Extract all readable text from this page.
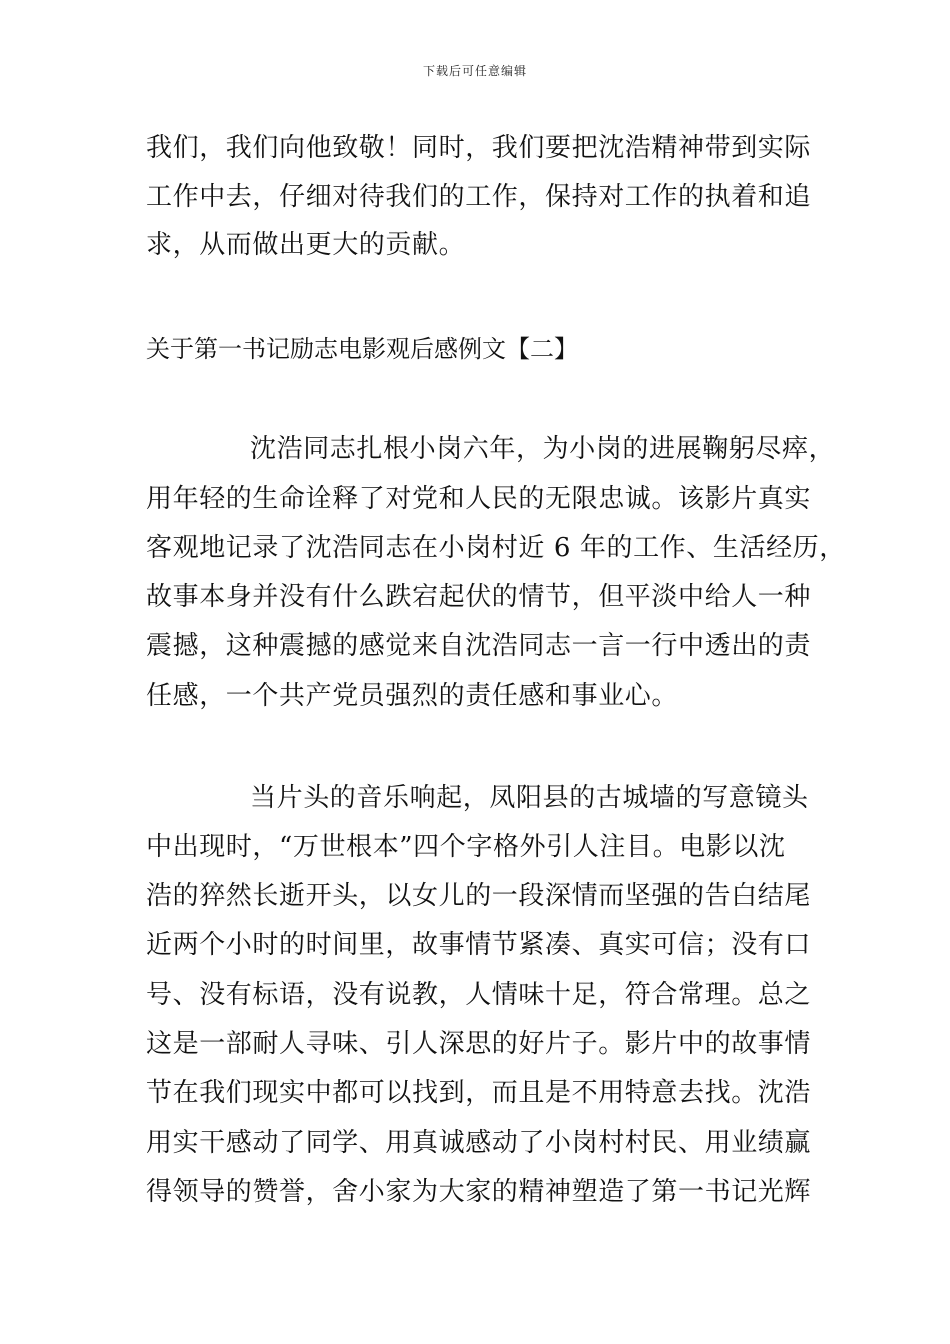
下载后可任意编辑
我们，我们向他致敬！同时，我们要把沈浩精神带到实际
工作中去，仔细对待我们的工作，保持对工作的执着和追
求，从而做出更大的贡献。
关于第一书记励志电影观后感例文【二】
沈浩同志扎根小岗六年，为小岗的进展鞠躬尽瘁，
用年轻的生命诠释了对党和人民的无限忠诚。该影片真实
客观地记录了沈浩同志在小岗村近 6 年的工作、生活经历，
故事本身并没有什么跌宕起伏的情节，但平淡中给人一种
震撼，这种震撼的感觉来自沈浩同志一言一行中透出的责
任感，一个共产党员强烈的责任感和事业心。
当片头的音乐响起，凤阳县的古城墙的写意镜头
中出现时，“万世根本”四个字格外引人注目。电影以沈
浩的猝然长逝开头，以女儿的一段深情而坚强的告白结尾
近两个小时的时间里，故事情节紧凑、真实可信；没有口
号、没有标语，没有说教，人情味十足，符合常理。总之
这是一部耐人寻味、引人深思的好片子。影片中的故事情
节在我们现实中都可以找到，而且是不用特意去找。沈浩
用实干感动了同学、用真诚感动了小岗村村民、用业绩赢
得领导的赞誉，舍小家为大家的精神塑造了第一书记光辉
